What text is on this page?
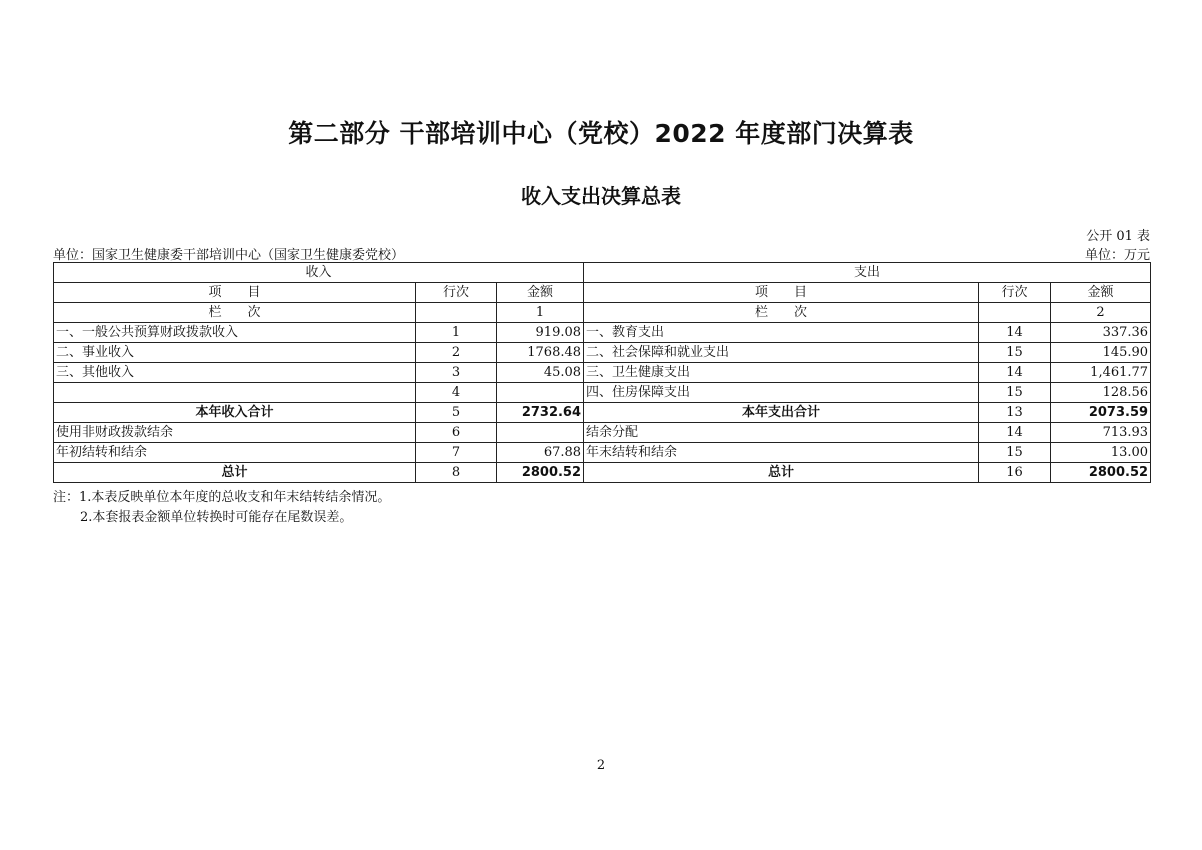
第二部分 干部培训中心（党校）2022 年度部门决算表
收入支出决算总表
公开 01 表
单位：国家卫生健康委干部培训中心（国家卫生健康委党校）	单位：万元
收入			支出		
项　　目	行次	金额	项　　目	行次	金额
栏　　次		1	栏　　次		2
一、一般公共预算财政拨款收入	1	919.08	一、教育支出	14	337.36
二、事业收入	2	1768.48	二、社会保障和就业支出	15	145.90
三、其他收入	3	45.08	三、卫生健康支出	14	1,461.77
	4		四、住房保障支出	15	128.56
本年收入合计	5	2732.64	本年支出合计	13	2073.59
使用非财政拨款结余	6		结余分配	14	713.93
年初结转和结余	7	67.88	年末结转和结余	15	13.00
总计	8	2800.52	总计	16	2800.52
注：1.本表反映单位本年度的总收支和年末结转结余情况。
2.本套报表金额单位转换时可能存在尾数误差。
2
